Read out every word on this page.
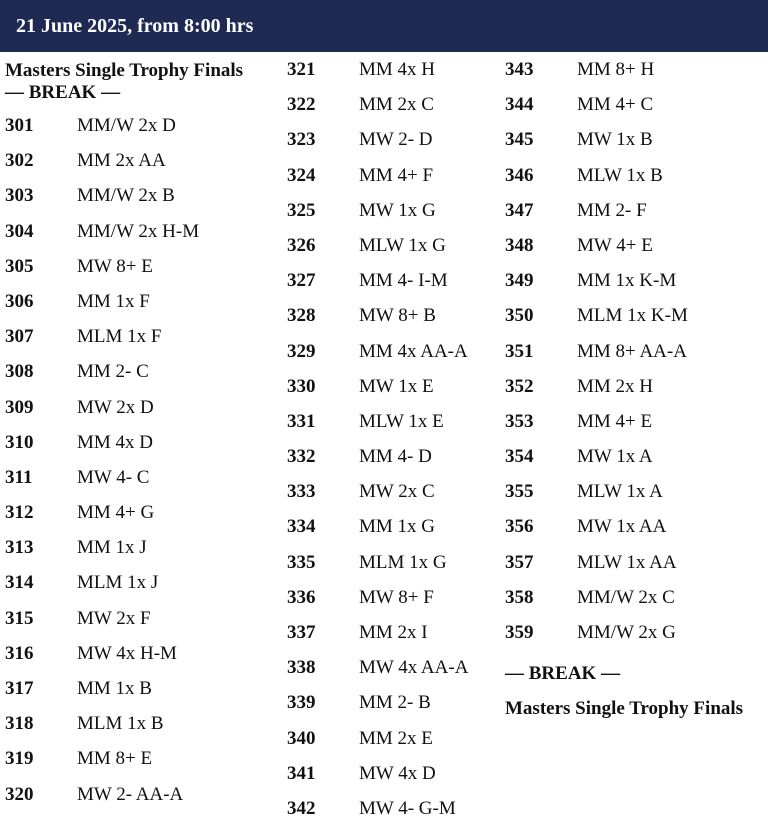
21 June 2025, from 8:00 hrs
Masters Single Trophy Finals
— BREAK —
301 MM/W 2x D
302 MM 2x AA
303 MM/W 2x B
304 MM/W 2x H-M
305 MW 8+ E
306 MM 1x F
307 MLM 1x F
308 MM 2- C
309 MW 2x D
310 MM 4x D
311 MW 4- C
312 MM 4+ G
313 MM 1x J
314 MLM 1x J
315 MW 2x F
316 MW 4x H-M
317 MM 1x B
318 MLM 1x B
319 MM 8+ E
320 MW 2- AA-A
321 MM 4x H
322 MM 2x C
323 MW 2- D
324 MM 4+ F
325 MW 1x G
326 MLW 1x G
327 MM 4- I-M
328 MW 8+ B
329 MM 4x AA-A
330 MW 1x E
331 MLW 1x E
332 MM 4- D
333 MW 2x C
334 MM 1x G
335 MLM 1x G
336 MW 8+ F
337 MM 2x I
338 MW 4x AA-A
339 MM 2- B
340 MM 2x E
341 MW 4x D
342 MW 4- G-M
343 MM 8+ H
344 MM 4+ C
345 MW 1x B
346 MLW 1x B
347 MM 2- F
348 MW 4+ E
349 MM 1x K-M
350 MLM 1x K-M
351 MM 8+ AA-A
352 MM 2x H
353 MM 4+ E
354 MW 1x A
355 MLW 1x A
356 MW 1x AA
357 MLW 1x AA
358 MM/W 2x C
359 MM/W 2x G
— BREAK —
Masters Single Trophy Finals
